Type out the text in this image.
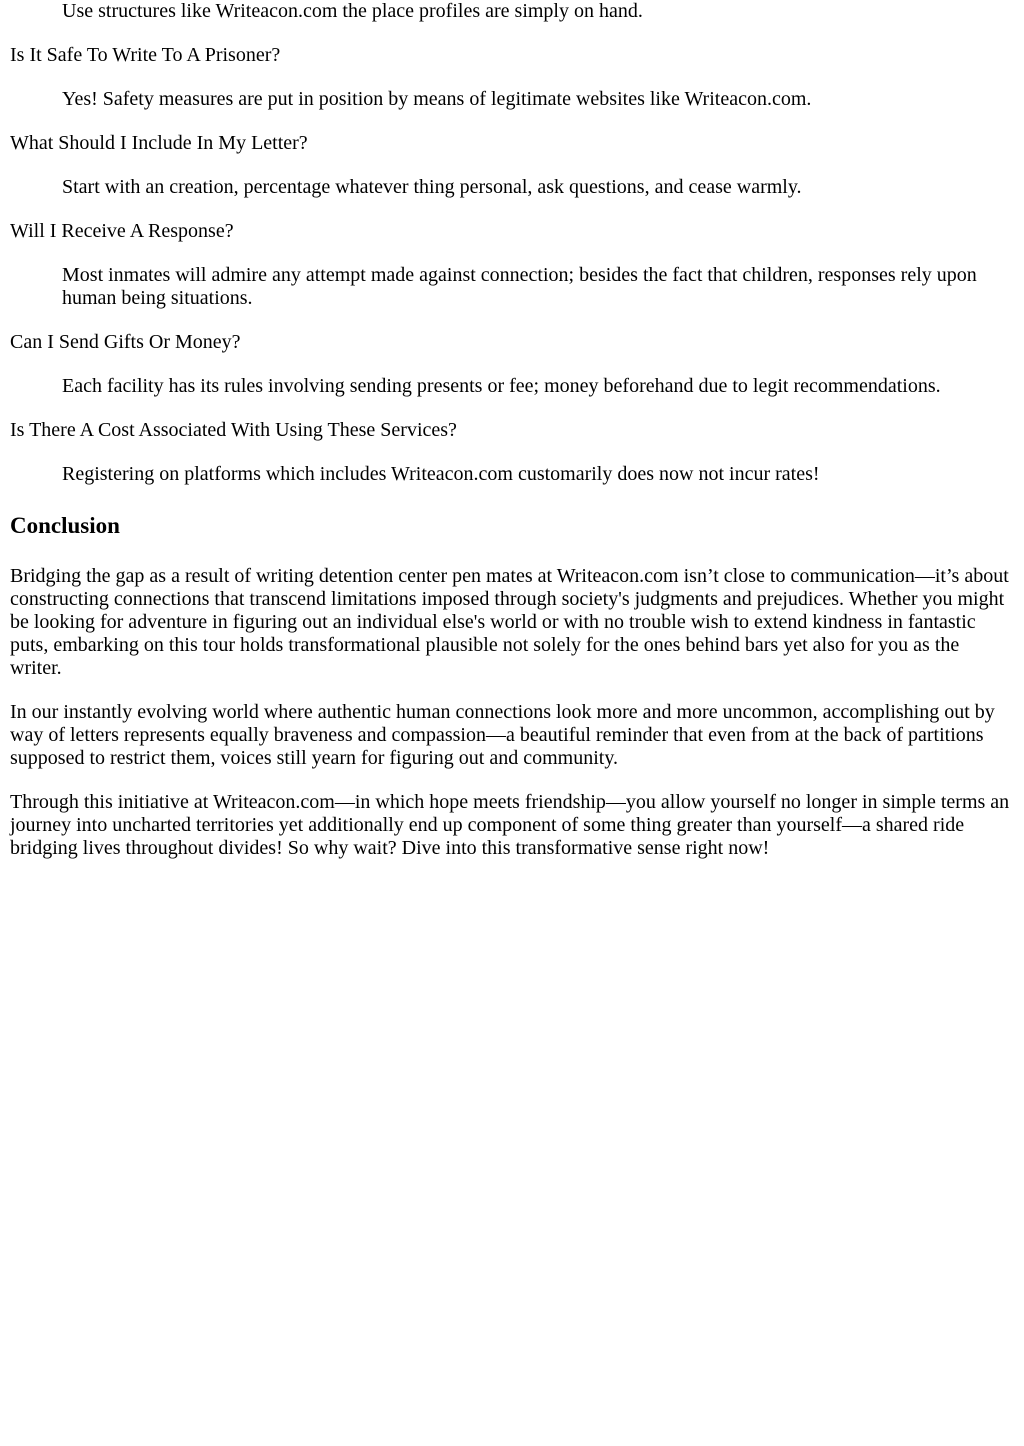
Use structures like Writeacon.com the place profiles are simply on hand.

Is It Safe To Write To A Prisoner?

Yes! Safety measures are put in position by means of legitimate websites like Writeacon.com.

What Should I Include In My Letter?

Start with an creation, percentage whatever thing personal, ask questions, and cease warmly.

Will I Receive A Response?

Most inmates will admire any attempt made against connection; besides the fact that children, responses rely upon human being situations.

Can I Send Gifts Or Money?

Each facility has its rules involving sending presents or fee; money beforehand due to legit recommendations.

Is There A Cost Associated With Using These Services?

Registering on platforms which includes Writeacon.com customarily does now not incur rates!

Conclusion

Bridging the gap as a result of writing detention center pen mates at Writeacon.com isn’t close to communication—it’s about constructing connections that transcend limitations imposed through society's judgments and prejudices. Whether you might be looking for adventure in figuring out an individual else's world or with no trouble wish to extend kindness in fantastic puts, embarking on this tour holds transformational plausible not solely for the ones behind bars yet also for you as the writer.

In our instantly evolving world where authentic human connections look more and more uncommon, accomplishing out by way of letters represents equally braveness and compassion—a beautiful reminder that even from at the back of partitions supposed to restrict them, voices still yearn for figuring out and community.

Through this initiative at Writeacon.com—in which hope meets friendship—you allow yourself no longer in simple terms an journey into uncharted territories yet additionally end up component of some thing greater than yourself—a shared ride bridging lives throughout divides! So why wait? Dive into this transformative sense right now!
